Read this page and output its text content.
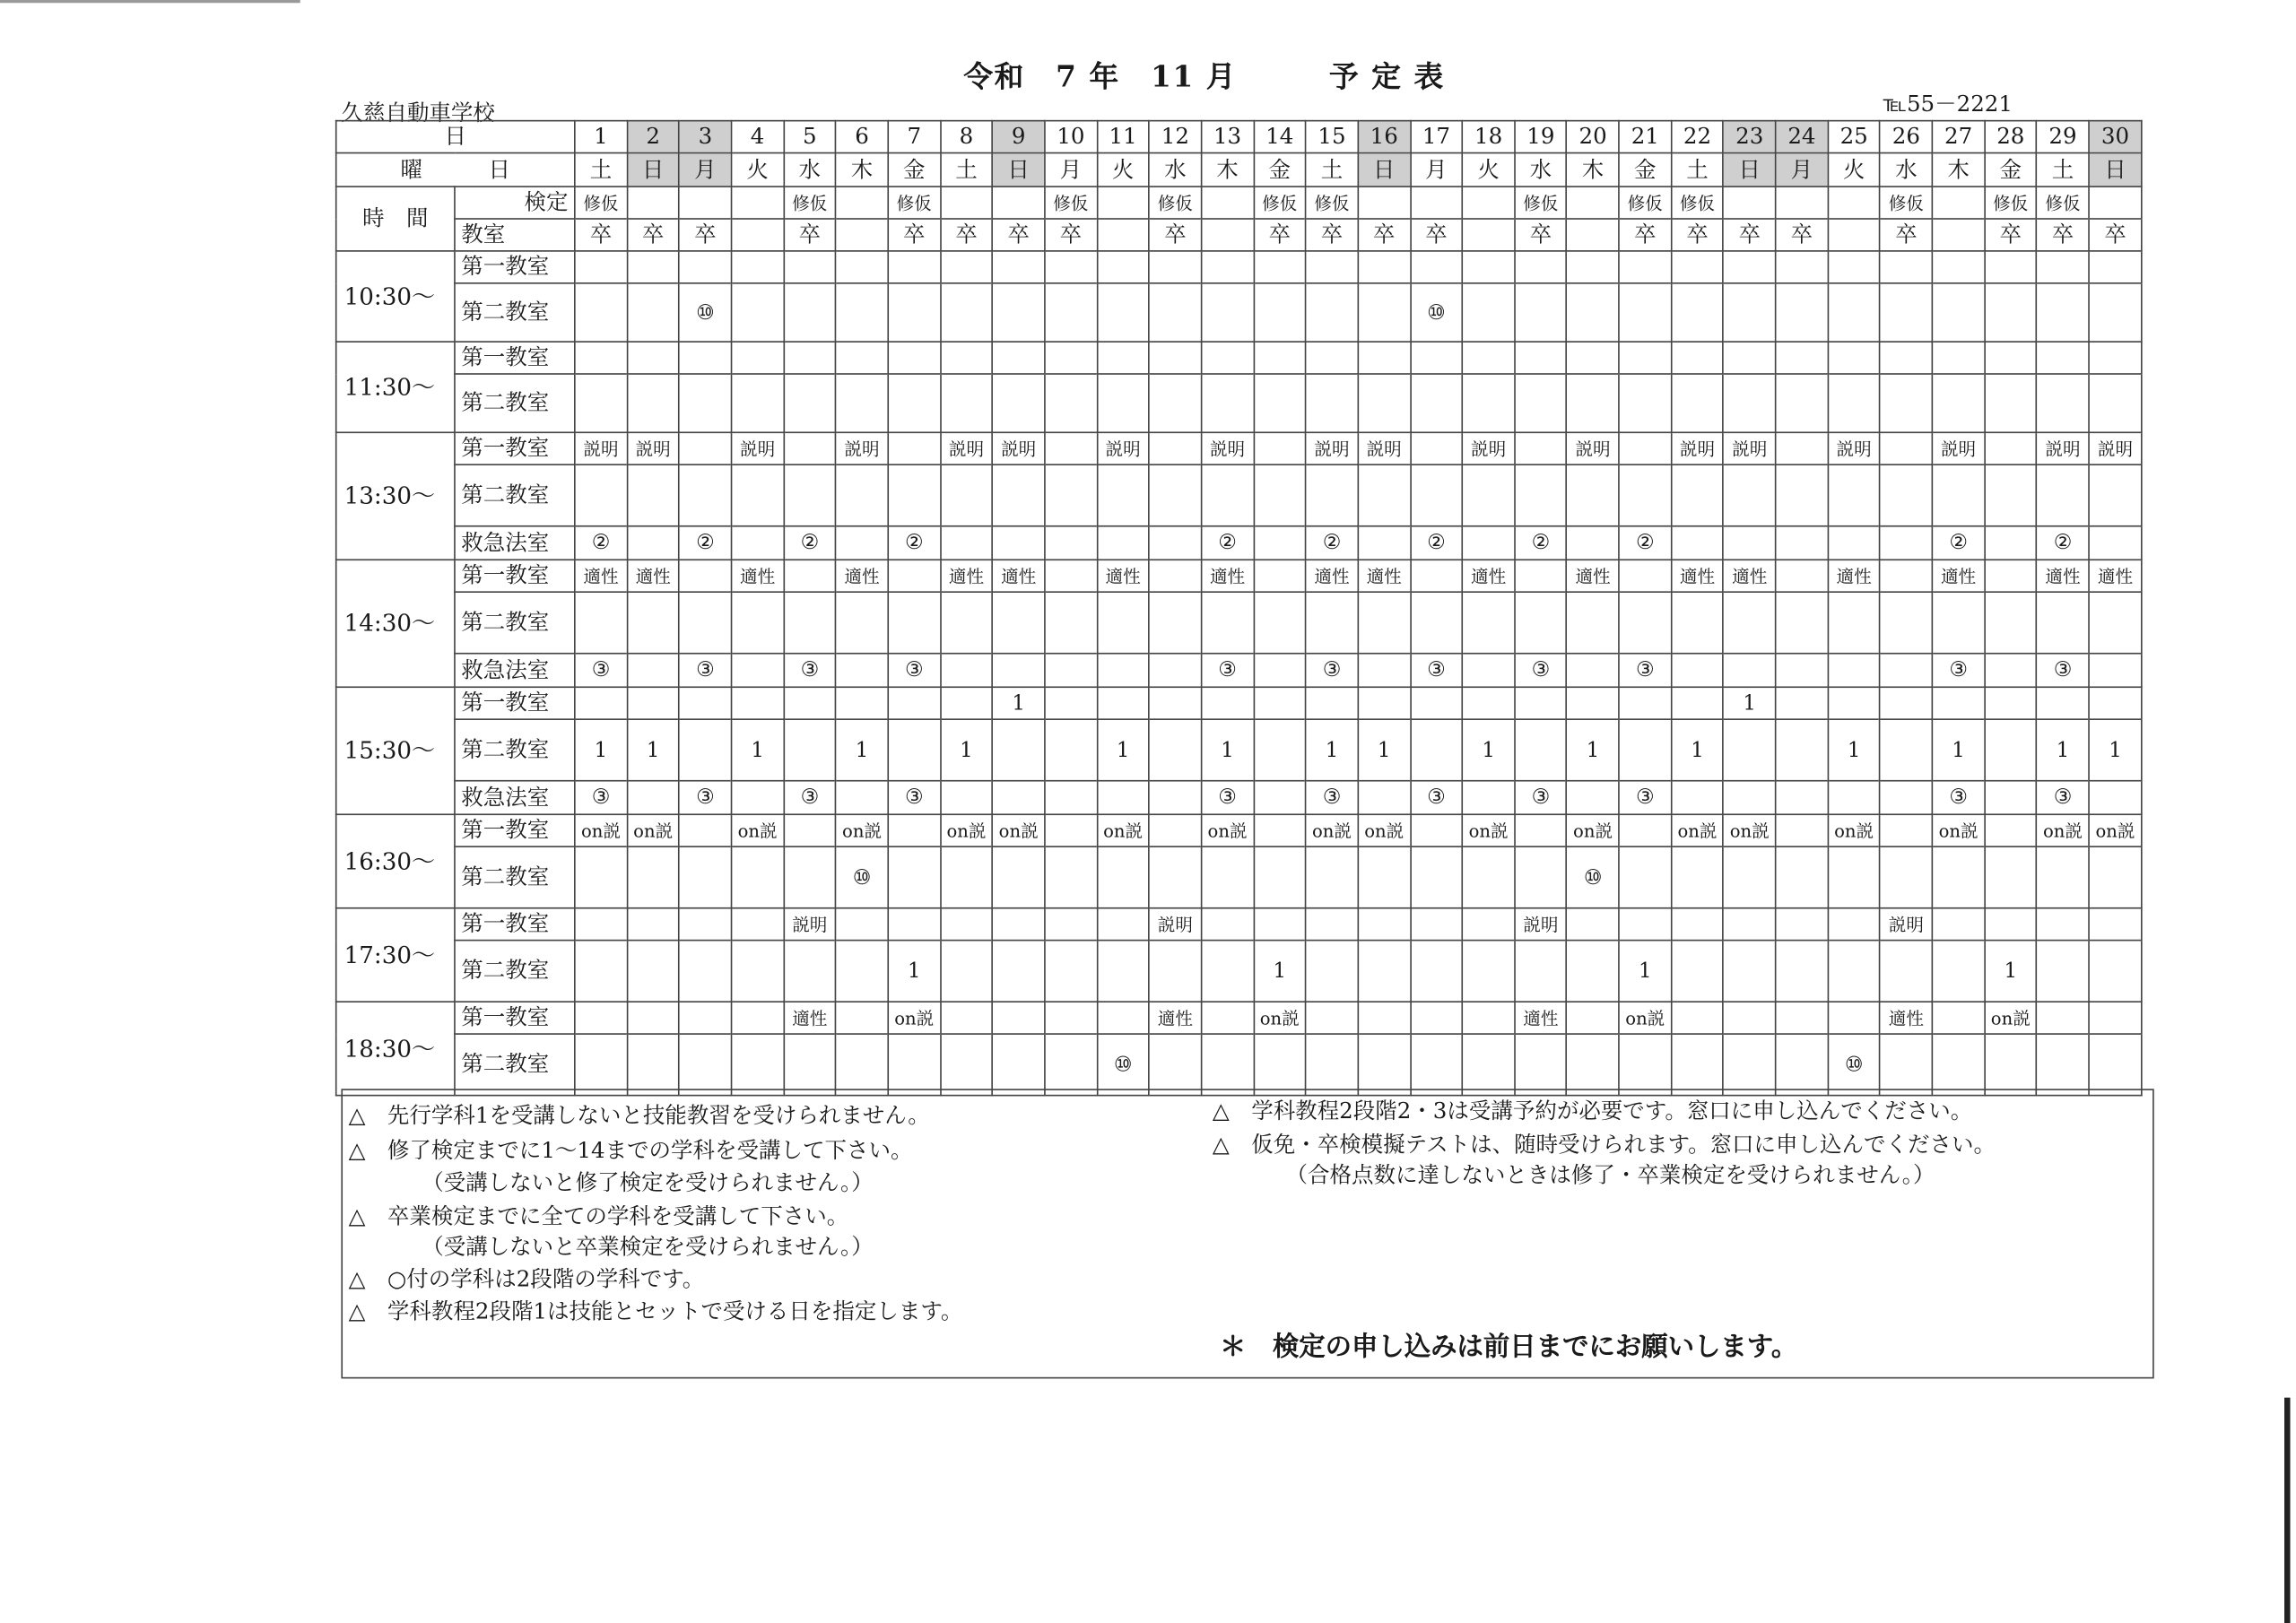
令和　7 年　11 月　　　予 定 表
久慈自動車学校	℡55－2221
日		1	2	3	4	5	6	7	8	9	10	11	12	13	14	15	16	17	18	19	20	21	22	23	24	25	26	27	28	29	30
曜　　　日		土	日	月	火	水	木	金	土	日	月	火	水	木	金	土	日	月	火	水	木	金	土	日	月	火	水	木	金	土	日
時　間	検定	修仮				修仮		修仮			修仮		修仮		修仮	修仮				修仮		修仮	修仮				修仮		修仮	修仮	
	教室	卒	卒	卒		卒		卒	卒	卒	卒		卒		卒	卒	卒	卒		卒		卒	卒	卒	卒		卒		卒	卒	卒
10:30～	第一教室																														
	第二教室			⑩														⑩													
11:30～	第一教室																														
	第二教室																														
13:30～	第一教室	説明	説明		説明		説明		説明	説明		説明		説明		説明	説明		説明		説明		説明	説明		説明		説明		説明	説明
	第二教室																														
	救急法室	②		②		②		②						②		②		②		②		②						②		②	
14:30～	第一教室	適性	適性		適性		適性		適性	適性		適性		適性		適性	適性		適性		適性		適性	適性		適性		適性		適性	適性
	第二教室																														
	救急法室	③		③		③		③						③		③		③		③		③						③		③	
15:30～	第一教室									1														1							
	第二教室	1	1		1		1		1			1		1		1	1		1		1		1			1		1		1	1
	救急法室	③		③		③		③						③		③		③		③		③						③		③	
16:30～	第一教室	on説	on説		on説		on説		on説	on説		on説		on説		on説	on説		on説		on説		on説	on説		on説		on説		on説	on説
	第二教室						⑩														⑩										
17:30～	第一教室					説明							説明							説明							説明				
	第二教室							1							1							1							1		
18:30～	第一教室					適性		on説					適性		on説					適性		on説					適性		on説		
	第二教室											⑩														⑩					
△　先行学科1を受講しないと技能教習を受けられません。
△　修了検定までに1～14までの学科を受講して下さい。
（受講しないと修了検定を受けられません。）
△　卒業検定までに全ての学科を受講して下さい。
（受講しないと卒業検定を受けられません。）
△　○付の学科は2段階の学科です。
△　学科教程2段階1は技能とセットで受ける日を指定します。
△　学科教程2段階2・3は受講予約が必要です。窓口に申し込んでください。
△　仮免・卒検模擬テストは、随時受けられます。窓口に申し込んでください。
（合格点数に達しないときは修了・卒業検定を受けられません。）
＊　検定の申し込みは前日までにお願いします。
